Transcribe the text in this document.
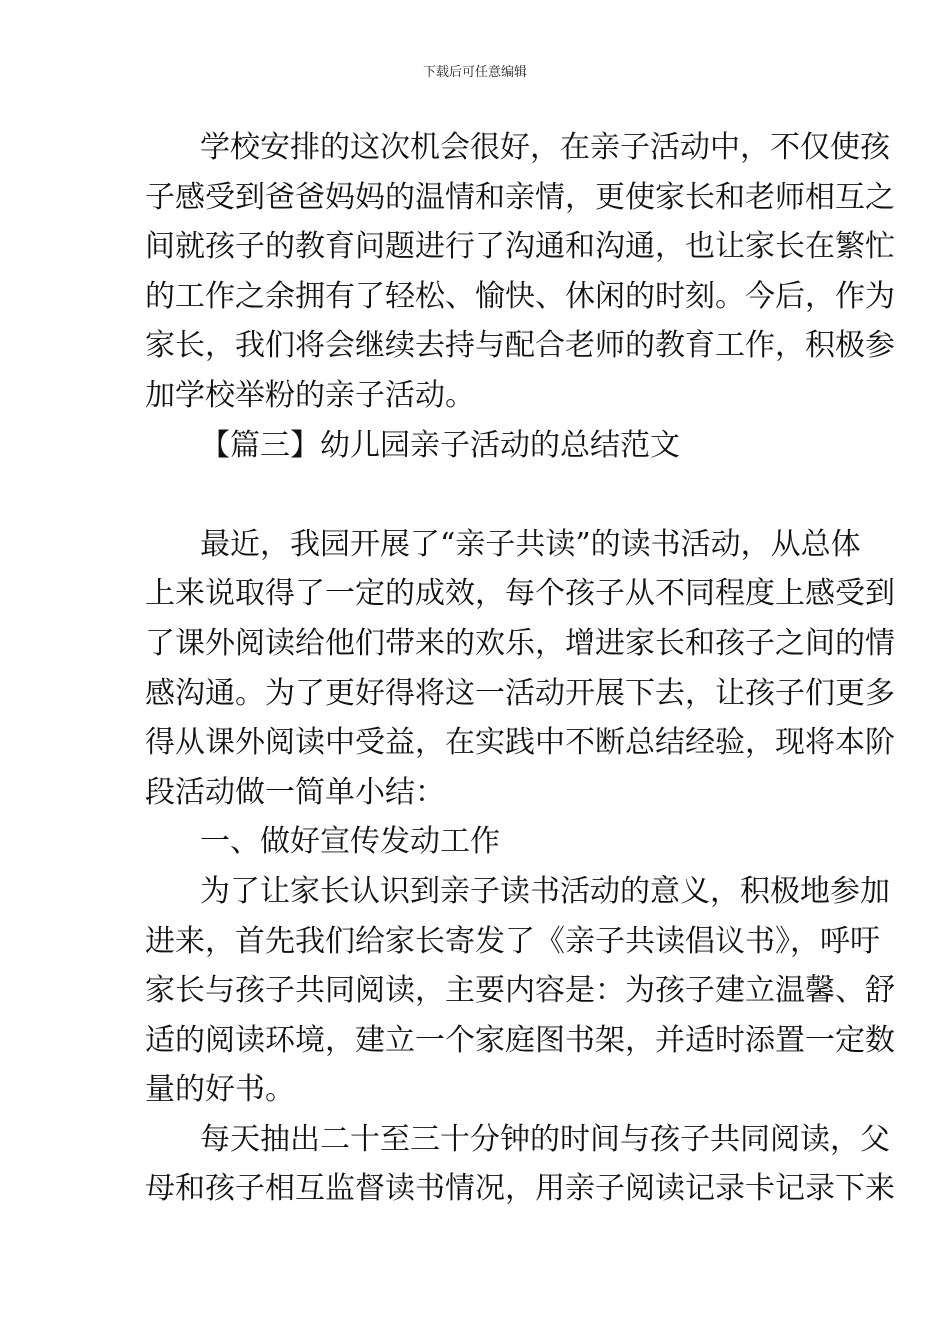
下载后可任意编辑
学校安排的这次机会很好，在亲子活动中，不仅使孩
子感受到爸爸妈妈的温情和亲情，更使家长和老师相互之
间就孩子的教育问题进行了沟通和沟通，也让家长在繁忙
的工作之余拥有了轻松、愉快、休闲的时刻。今后，作为
家长，我们将会继续去持与配合老师的教育工作，积极参
加学校举粉的亲子活动。
【篇三】幼儿园亲子活动的总结范文
最近，我园开展了“亲子共读”的读书活动，从总体
上来说取得了一定的成效，每个孩子从不同程度上感受到
了课外阅读给他们带来的欢乐，增进家长和孩子之间的情
感沟通。为了更好得将这一活动开展下去，让孩子们更多
得从课外阅读中受益，在实践中不断总结经验，现将本阶
段活动做一简单小结：
一、做好宣传发动工作
为了让家长认识到亲子读书活动的意义，积极地参加
进来，首先我们给家长寄发了《亲子共读倡议书》，呼吁
家长与孩子共同阅读，主要内容是：为孩子建立温馨、舒
适的阅读环境，建立一个家庭图书架，并适时添置一定数
量的好书。
每天抽出二十至三十分钟的时间与孩子共同阅读，父
母和孩子相互监督读书情况，用亲子阅读记录卡记录下来
